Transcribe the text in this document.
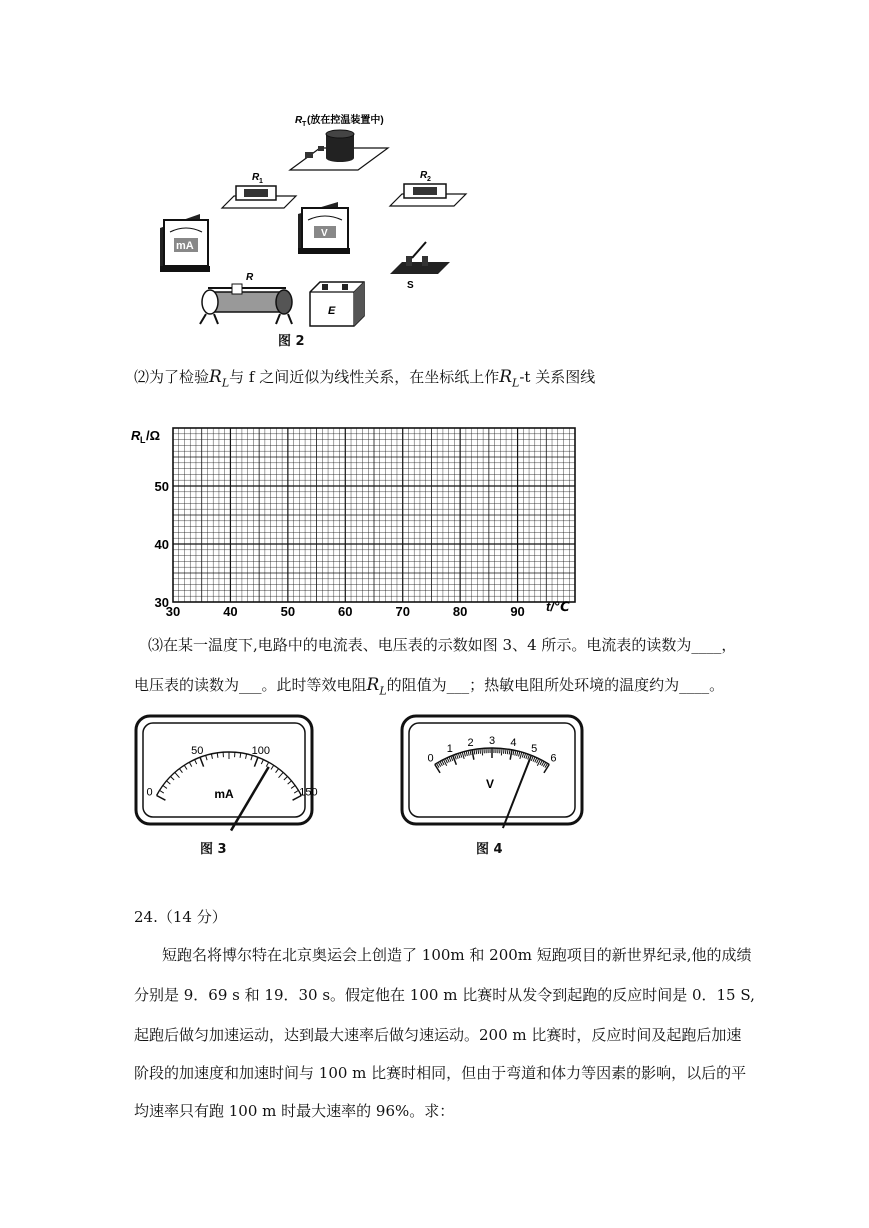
R T (放在控温装置中)
R 1
R 2
mA
V
S
R
E
图 2
⑵为了检验$R_L$与 f 之间近似为线性关系，在坐标纸上作$R_L-t$ 关系图线
R L /Ω
30	40	50	60	70	80	90
30
40
50
t/℃
⑶在某一温度下,电路中的电流表、电压表的示数如图 3、4 所示。电流表的读数为____，
电压表的读数为___。此时等效电阻$R_L$的阻值为___；热敏电阻所处环境的温度约为____。
0
50	100
150
mA
图 3
0
1 2 3 4 5
6
V
图 4
24.（14 分）
短跑名将博尔特在北京奥运会上创造了 100m 和 200m 短跑项目的新世界纪录,他的成绩
分别是 9．69 s 和 19．30 s。假定他在 100 m 比赛时从发令到起跑的反应时间是 0．15 S,
起跑后做匀加速运动，达到最大速率后做匀速运动。200 m 比赛时，反应时间及起跑后加速
阶段的加速度和加速时间与 100 m 比赛时相同，但由于弯道和体力等因素的影响，以后的平
均速率只有跑 100 m 时最大速率的 96%。求：
